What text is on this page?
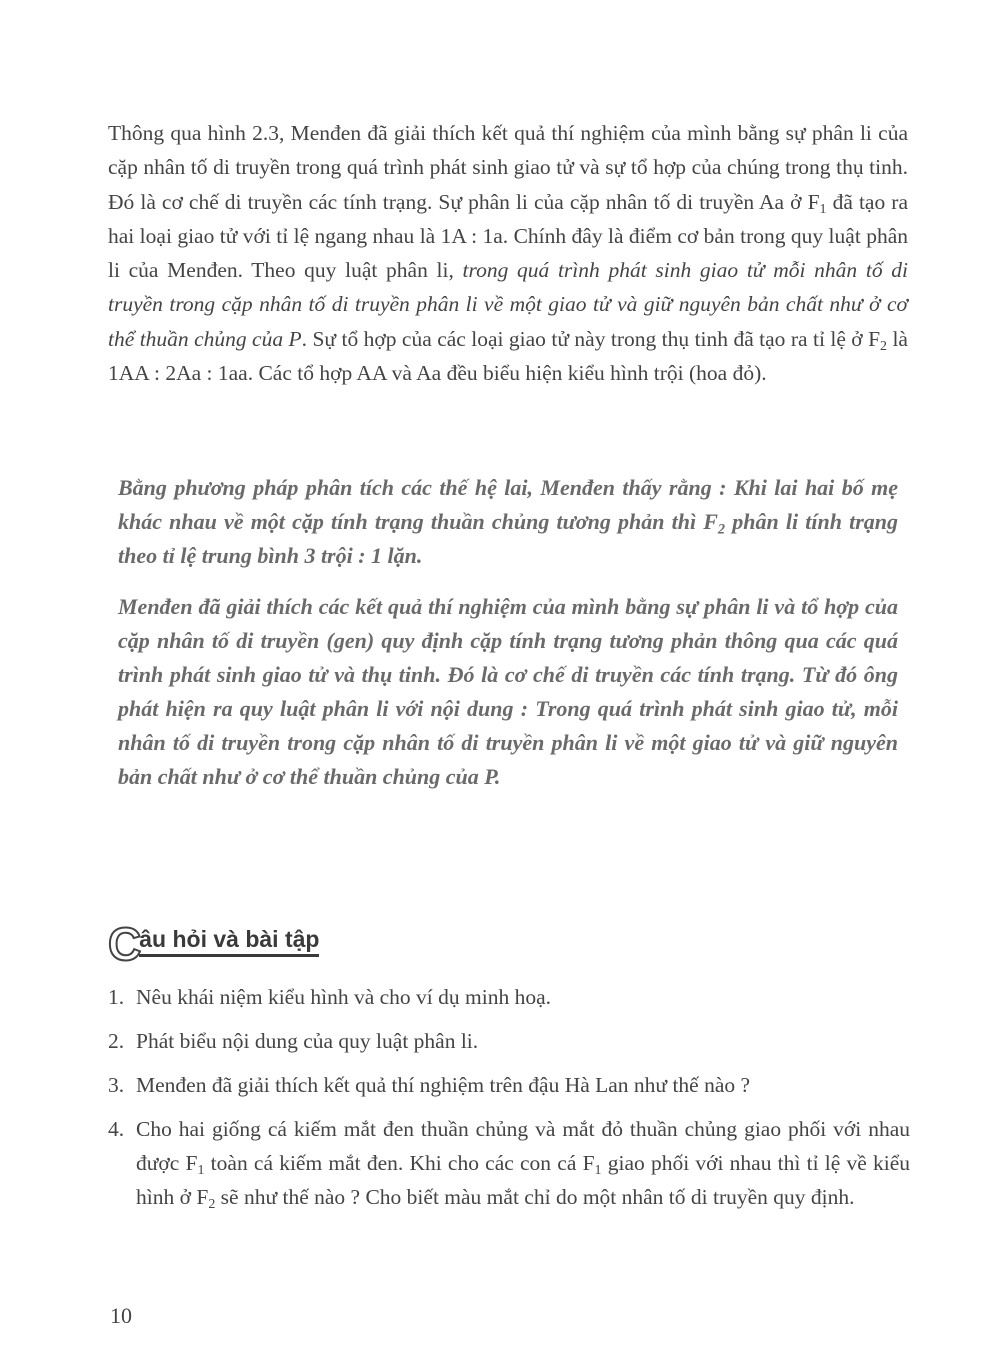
Thông qua hình 2.3, Menđen đã giải thích kết quả thí nghiệm của mình bằng sự phân li của cặp nhân tố di truyền trong quá trình phát sinh giao tử và sự tổ hợp của chúng trong thụ tinh. Đó là cơ chế di truyền các tính trạng. Sự phân li của cặp nhân tố di truyền Aa ở $F_1$ đã tạo ra hai loại giao tử với tỉ lệ ngang nhau là 1A : 1a. Chính đây là điểm cơ bản trong quy luật phân li của Menđen. Theo quy luật phân li, trong quá trình phát sinh giao tử mỗi nhân tố di truyền trong cặp nhân tố di truyền phân li về một giao tử và giữ nguyên bản chất như ở cơ thể thuần chủng của P. Sự tổ hợp của các loại giao tử này trong thụ tinh đã tạo ra tỉ lệ ở $F_2$ là 1AA : 2Aa : 1aa. Các tổ hợp AA và Aa đều biểu hiện kiểu hình trội (hoa đỏ).
Bằng phương pháp phân tích các thế hệ lai, Menđen thấy rằng : Khi lai hai bố mẹ khác nhau về một cặp tính trạng thuần chủng tương phản thì $F_2$ phân li tính trạng theo tỉ lệ trung bình 3 trội : 1 lặn.
Menđen đã giải thích các kết quả thí nghiệm của mình bằng sự phân li và tổ hợp của cặp nhân tố di truyền (gen) quy định cặp tính trạng tương phản thông qua các quá trình phát sinh giao tử và thụ tinh. Đó là cơ chế di truyền các tính trạng. Từ đó ông phát hiện ra quy luật phân li với nội dung : Trong quá trình phát sinh giao tử, mỗi nhân tố di truyền trong cặp nhân tố di truyền phân li về một giao tử và giữ nguyên bản chất như ở cơ thể thuần chủng của P.
C
âu hỏi và bài tập
1. Nêu khái niệm kiểu hình và cho ví dụ minh hoạ.
2. Phát biểu nội dung của quy luật phân li.
3. Menđen đã giải thích kết quả thí nghiệm trên đậu Hà Lan như thế nào ?
4. Cho hai giống cá kiếm mắt đen thuần chủng và mắt đỏ thuần chủng giao phối với nhau được $F_1$ toàn cá kiếm mắt đen. Khi cho các con cá $F_1$ giao phối với nhau thì tỉ lệ về kiểu hình ở $F_2$ sẽ như thế nào ? Cho biết màu mắt chỉ do một nhân tố di truyền quy định.
10
